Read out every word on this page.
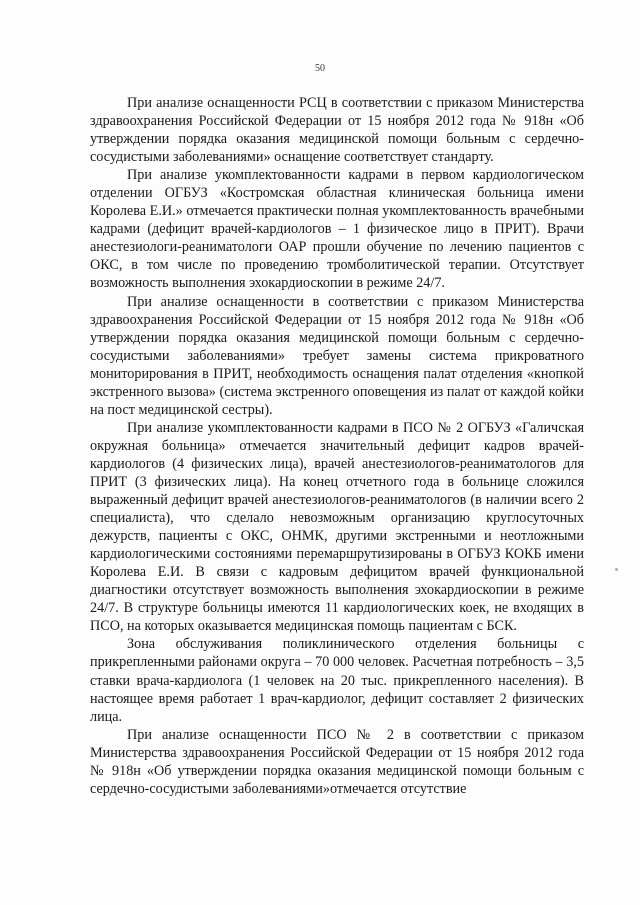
50

При анализе оснащенности РСЦ в соответствии с приказом Министерства здравоохранения Российской Федерации от 15 ноября 2012 года № 918н «Об утверждении порядка оказания медицинской помощи больным с сердечно-сосудистыми заболеваниями» оснащение соответствует стандарту.

При анализе укомплектованности кадрами в первом кардиологическом отделении ОГБУЗ «Костромская областная клиническая больница имени Королева Е.И.» отмечается практически полная укомплектованность врачебными кадрами (дефицит врачей-кардиологов – 1 физическое лицо в ПРИТ). Врачи анестезиологи-реаниматологи ОАР прошли обучение по лечению пациентов с ОКС, в том числе по проведению тромболитической терапии. Отсутствует возможность выполнения эхокардиоскопии в режиме 24/7.

При анализе оснащенности в соответствии с приказом Министерства здравоохранения Российской Федерации от 15 ноября 2012 года № 918н «Об утверждении порядка оказания медицинской помощи больным с сердечно-сосудистыми заболеваниями» требует замены система прикроватного мониторирования в ПРИТ, необходимость оснащения палат отделения «кнопкой экстренного вызова» (система экстренного оповещения из палат от каждой койки на пост медицинской сестры).

При анализе укомплектованности кадрами в ПСО № 2 ОГБУЗ «Галичская окружная больница» отмечается значительный дефицит кадров врачей-кардиологов (4 физических лица), врачей анестезиологов-реаниматологов для ПРИТ (3 физических лица). На конец отчетного года в больнице сложился выраженный дефицит врачей анестезиологов-реаниматологов (в наличии всего 2 специалиста), что сделало невозможным организацию круглосуточных дежурств, пациенты с ОКС, ОНМК, другими экстренными и неотложными кардиологическими состояниями перемаршрутизированы в ОГБУЗ КОКБ имени Королева Е.И. В связи с кадровым дефицитом врачей функциональной диагностики отсутствует возможность выполнения эхокардиоскопии в режиме 24/7. В структуре больницы имеются 11 кардиологических коек, не входящих в ПСО, на которых оказывается медицинская помощь пациентам с БСК.

Зона обслуживания поликлинического отделения больницы с прикрепленными районами округа – 70 000 человек. Расчетная потребность – 3,5 ставки врача-кардиолога (1 человек на 20 тыс. прикрепленного населения). В настоящее время работает 1 врач-кардиолог, дефицит составляет 2 физических лица.

При анализе оснащенности ПСО № 2 в соответствии с приказом Министерства здравоохранения Российской Федерации от 15 ноября 2012 года № 918н «Об утверждении порядка оказания медицинской помощи больным с сердечно-сосудистыми заболеваниями»отмечается отсутствие
